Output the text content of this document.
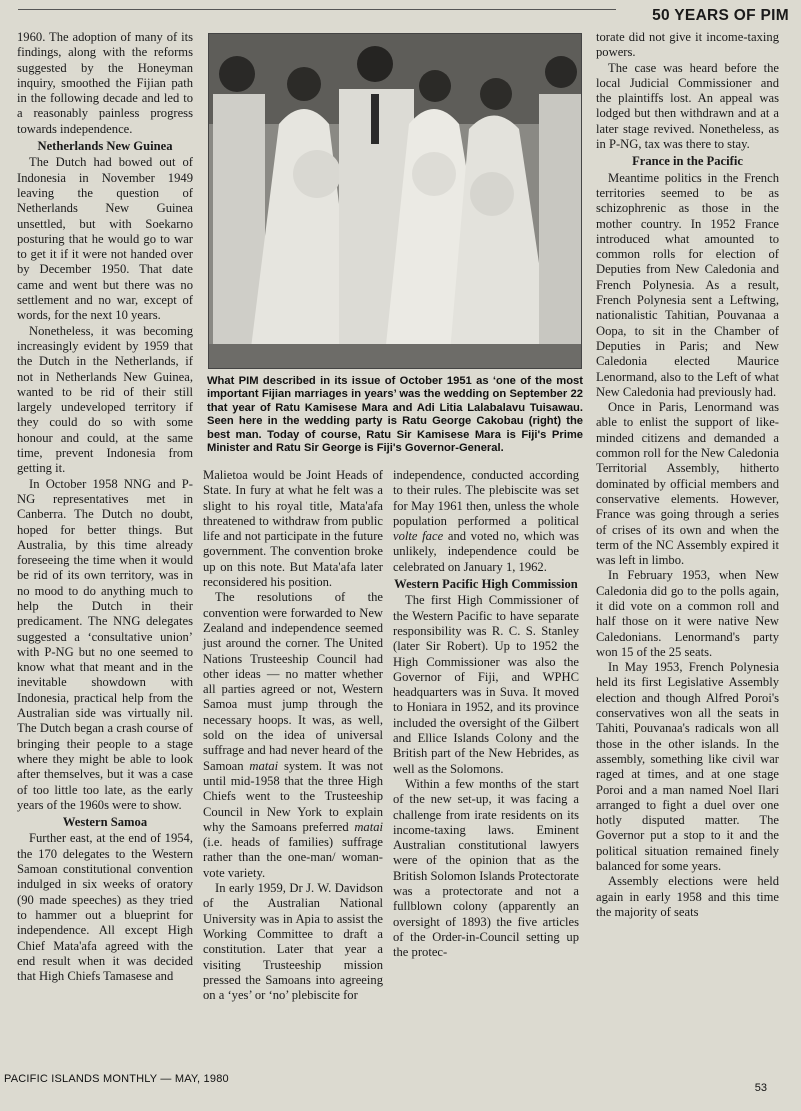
50 YEARS OF PIM

1960. The adoption of many of its findings, along with the reforms suggested by the Honeyman inquiry, smoothed the Fijian path in the following decade and led to a reasonably painless progress towards independence.

Netherlands New Guinea

The Dutch had bowed out of Indonesia in November 1949 leaving the question of Netherlands New Guinea unsettled, but with Soekarno posturing that he would go to war to get it if it were not handed over by December 1950. That date came and went but there was no settlement and no war, except of words, for the next 10 years.

Nonetheless, it was becoming increasingly evident by 1959 that the Dutch in the Netherlands, if not in Netherlands New Guinea, wanted to be rid of their still largely undeveloped territory if they could do so with some honour and could, at the same time, prevent Indonesia from getting it.

In October 1958 NNG and P-NG representatives met in Canberra. The Dutch no doubt, hoped for better things. But Australia, by this time already foreseeing the time when it would be rid of its own territory, was in no mood to do anything much to help the Dutch in their predicament. The NNG delegates suggested a ‘consultative union’ with P-NG but no one seemed to know what that meant and in the inevitable showdown with Indonesia, practical help from the Australian side was virtually nil. The Dutch began a crash course of bringing their people to a stage where they might be able to look after themselves, but it was a case of too little too late, as the early years of the 1960s were to show.

Western Samoa

Further east, at the end of 1954, the 170 delegates to the Western Samoan constitutional convention indulged in six weeks of oratory (90 made speeches) as they tried to hammer out a blueprint for independence. All except High Chief Mata'afa agreed with the end result when it was decided that High Chiefs Tamasese and

What PIM described in its issue of October 1951 as ‘one of the most important Fijian marriages in years’ was the wedding on September 22 that year of Ratu Kamisese Mara and Adi Litia Lalabalavu Tuisawau. Seen here in the wedding party is Ratu George Cakobau (right) the best man. Today of course, Ratu Sir Kamisese Mara is Fiji's Prime Minister and Ratu Sir George is Fiji's Governor-General.

Malietoa would be Joint Heads of State. In fury at what he felt was a slight to his royal title, Mata'afa threatened to withdraw from public life and not participate in the future government. The convention broke up on this note. But Mata'afa later reconsidered his position.

The resolutions of the convention were forwarded to New Zealand and independence seemed just around the corner. The United Nations Trusteeship Council had other ideas — no matter whether all parties agreed or not, Western Samoa must jump through the necessary hoops. It was, as well, sold on the idea of universal suffrage and had never heard of the Samoan matai system. It was not until mid-1958 that the three High Chiefs went to the Trusteeship Council in New York to explain why the Samoans preferred matai (i.e. heads of families) suffrage rather than the one-man/ woman-vote variety.

In early 1959, Dr J. W. Davidson of the Australian National University was in Apia to assist the Working Committee to draft a constitution. Later that year a visiting Trusteeship mission pressed the Samoans into agreeing on a ‘yes’ or ‘no’ plebiscite for

independence, conducted according to their rules. The plebiscite was set for May 1961 then, unless the whole population performed a political volte face and voted no, which was unlikely, independence could be celebrated on January 1, 1962.

Western Pacific High Commission

The first High Commissioner of the Western Pacific to have separate responsibility was R. C. S. Stanley (later Sir Robert). Up to 1952 the High Commissioner was also the Governor of Fiji, and WPHC headquarters was in Suva. It moved to Honiara in 1952, and its province included the oversight of the Gilbert and Ellice Islands Colony and the British part of the New Hebrides, as well as the Solomons.

Within a few months of the start of the new set-up, it was facing a challenge from irate residents on its income-taxing laws. Eminent Australian constitutional lawyers were of the opinion that as the British Solomon Islands Protectorate was a protectorate and not a fullblown colony (apparently an oversight of 1893) the five articles of the Order-in-Council setting up the protec-

torate did not give it income-taxing powers.

The case was heard before the local Judicial Commissioner and the plaintiffs lost. An appeal was lodged but then withdrawn and at a later stage revived. Nonetheless, as in P-NG, tax was there to stay.

France in the Pacific

Meantime politics in the French territories seemed to be as schizophrenic as those in the mother country. In 1952 France introduced what amounted to common rolls for election of Deputies from New Caledonia and French Polynesia. As a result, French Polynesia sent a Leftwing, nationalistic Tahitian, Pouvanaa a Oopa, to sit in the Chamber of Deputies in Paris; and New Caledonia elected Maurice Lenormand, also to the Left of what New Caledonia had previously had.

Once in Paris, Lenormand was able to enlist the support of like-minded citizens and demanded a common roll for the New Caledonia Territorial Assembly, hitherto dominated by official members and conservative elements. However, France was going through a series of crises of its own and when the term of the NC Assembly expired it was left in limbo.

In February 1953, when New Caledonia did go to the polls again, it did vote on a common roll and half those on it were native New Caledonians. Lenormand's party won 15 of the 25 seats.

In May 1953, French Polynesia held its first Legislative Assembly election and though Alfred Poroi's conservatives won all the seats in Tahiti, Pouvanaa's radicals won all those in the other islands. In the assembly, something like civil war raged at times, and at one stage Poroi and a man named Noel Ilari arranged to fight a duel over one hotly disputed matter. The Governor put a stop to it and the political situation remained finely balanced for some years.

Assembly elections were held again in early 1958 and this time the majority of seats

PACIFIC ISLANDS MONTHLY — MAY, 1980
53
